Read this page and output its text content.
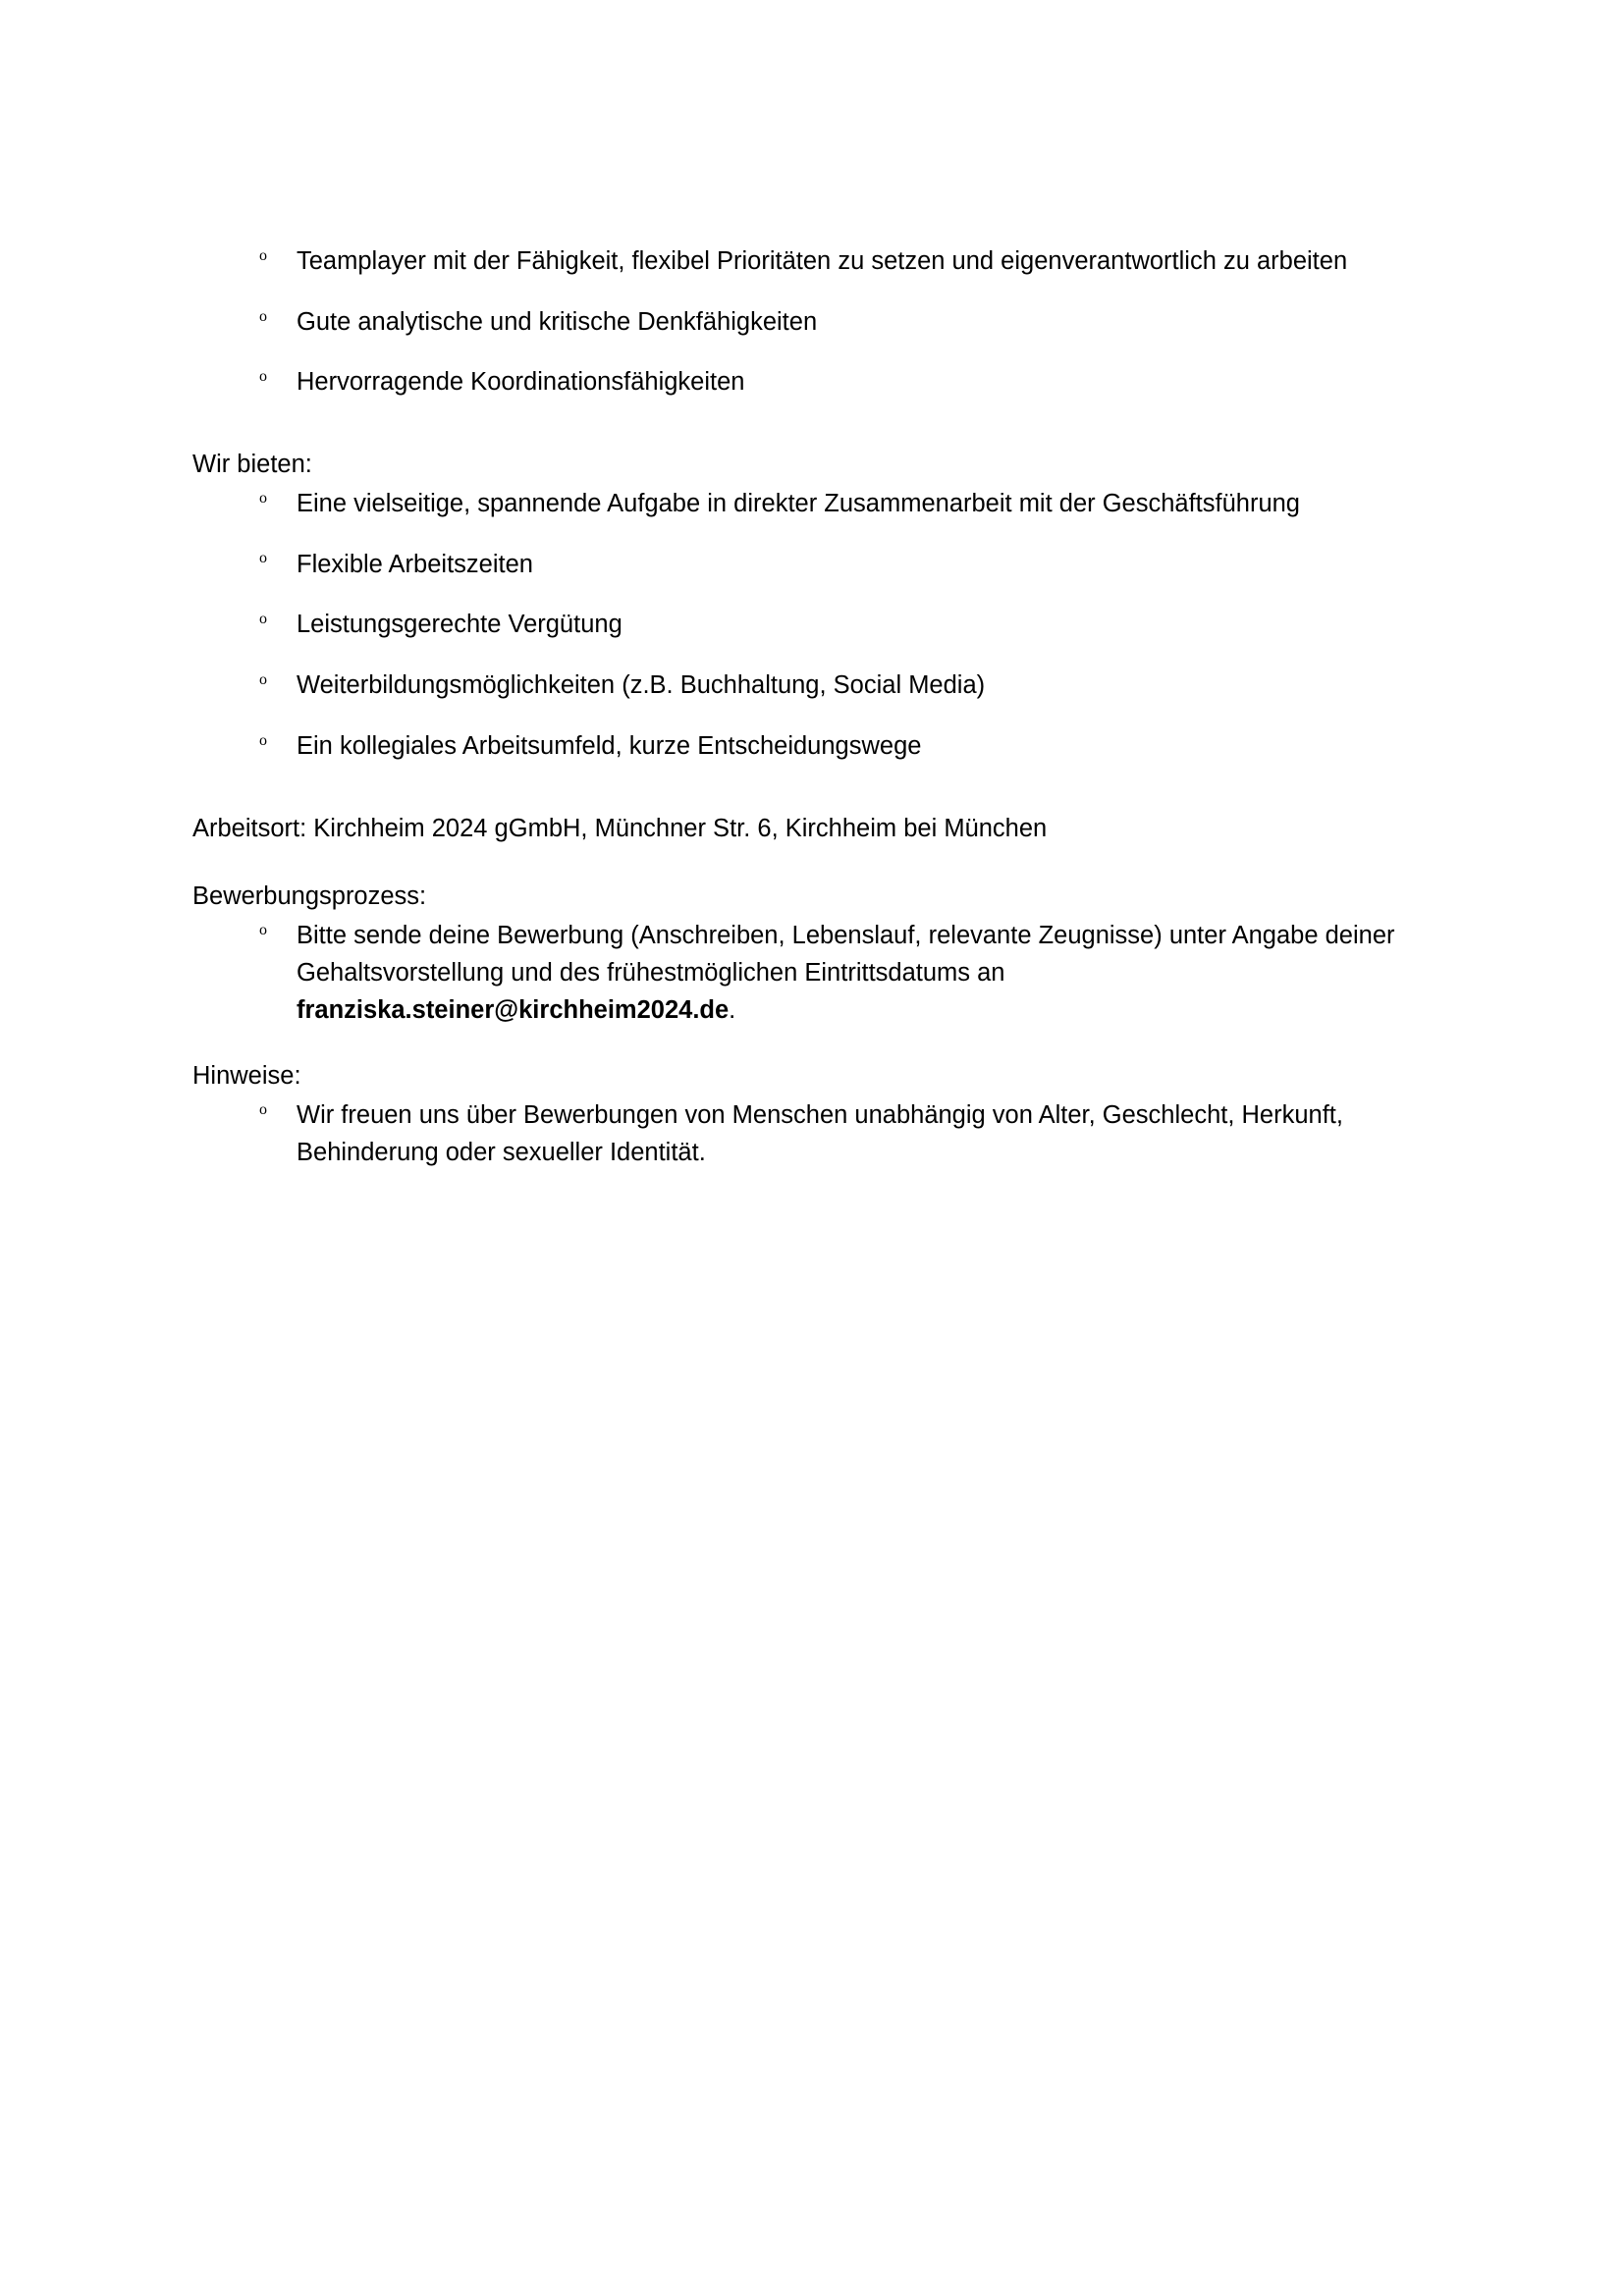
o Teamplayer mit der Fähigkeit, flexibel Prioritäten zu setzen und eigenverantwortlich zu arbeiten
o Gute analytische und kritische Denkfähigkeiten
o Hervorragende Koordinationsfähigkeiten

Wir bieten:

o Eine vielseitige, spannende Aufgabe in direkter Zusammenarbeit mit der Geschäftsführung
o Flexible Arbeitszeiten
o Leistungsgerechte Vergütung
o Weiterbildungsmöglichkeiten (z.B. Buchhaltung, Social Media)
o Ein kollegiales Arbeitsumfeld, kurze Entscheidungswege

Arbeitsort: Kirchheim 2024 gGmbH, Münchner Str. 6, Kirchheim bei München

Bewerbungsprozess:

o Bitte sende deine Bewerbung (Anschreiben, Lebenslauf, relevante Zeugnisse) unter Angabe deiner Gehaltsvorstellung und des frühestmöglichen Eintrittsdatums an franziska.steiner@kirchheim2024.de.

Hinweise:

o Wir freuen uns über Bewerbungen von Menschen unabhängig von Alter, Geschlecht, Herkunft, Behinderung oder sexueller Identität.
